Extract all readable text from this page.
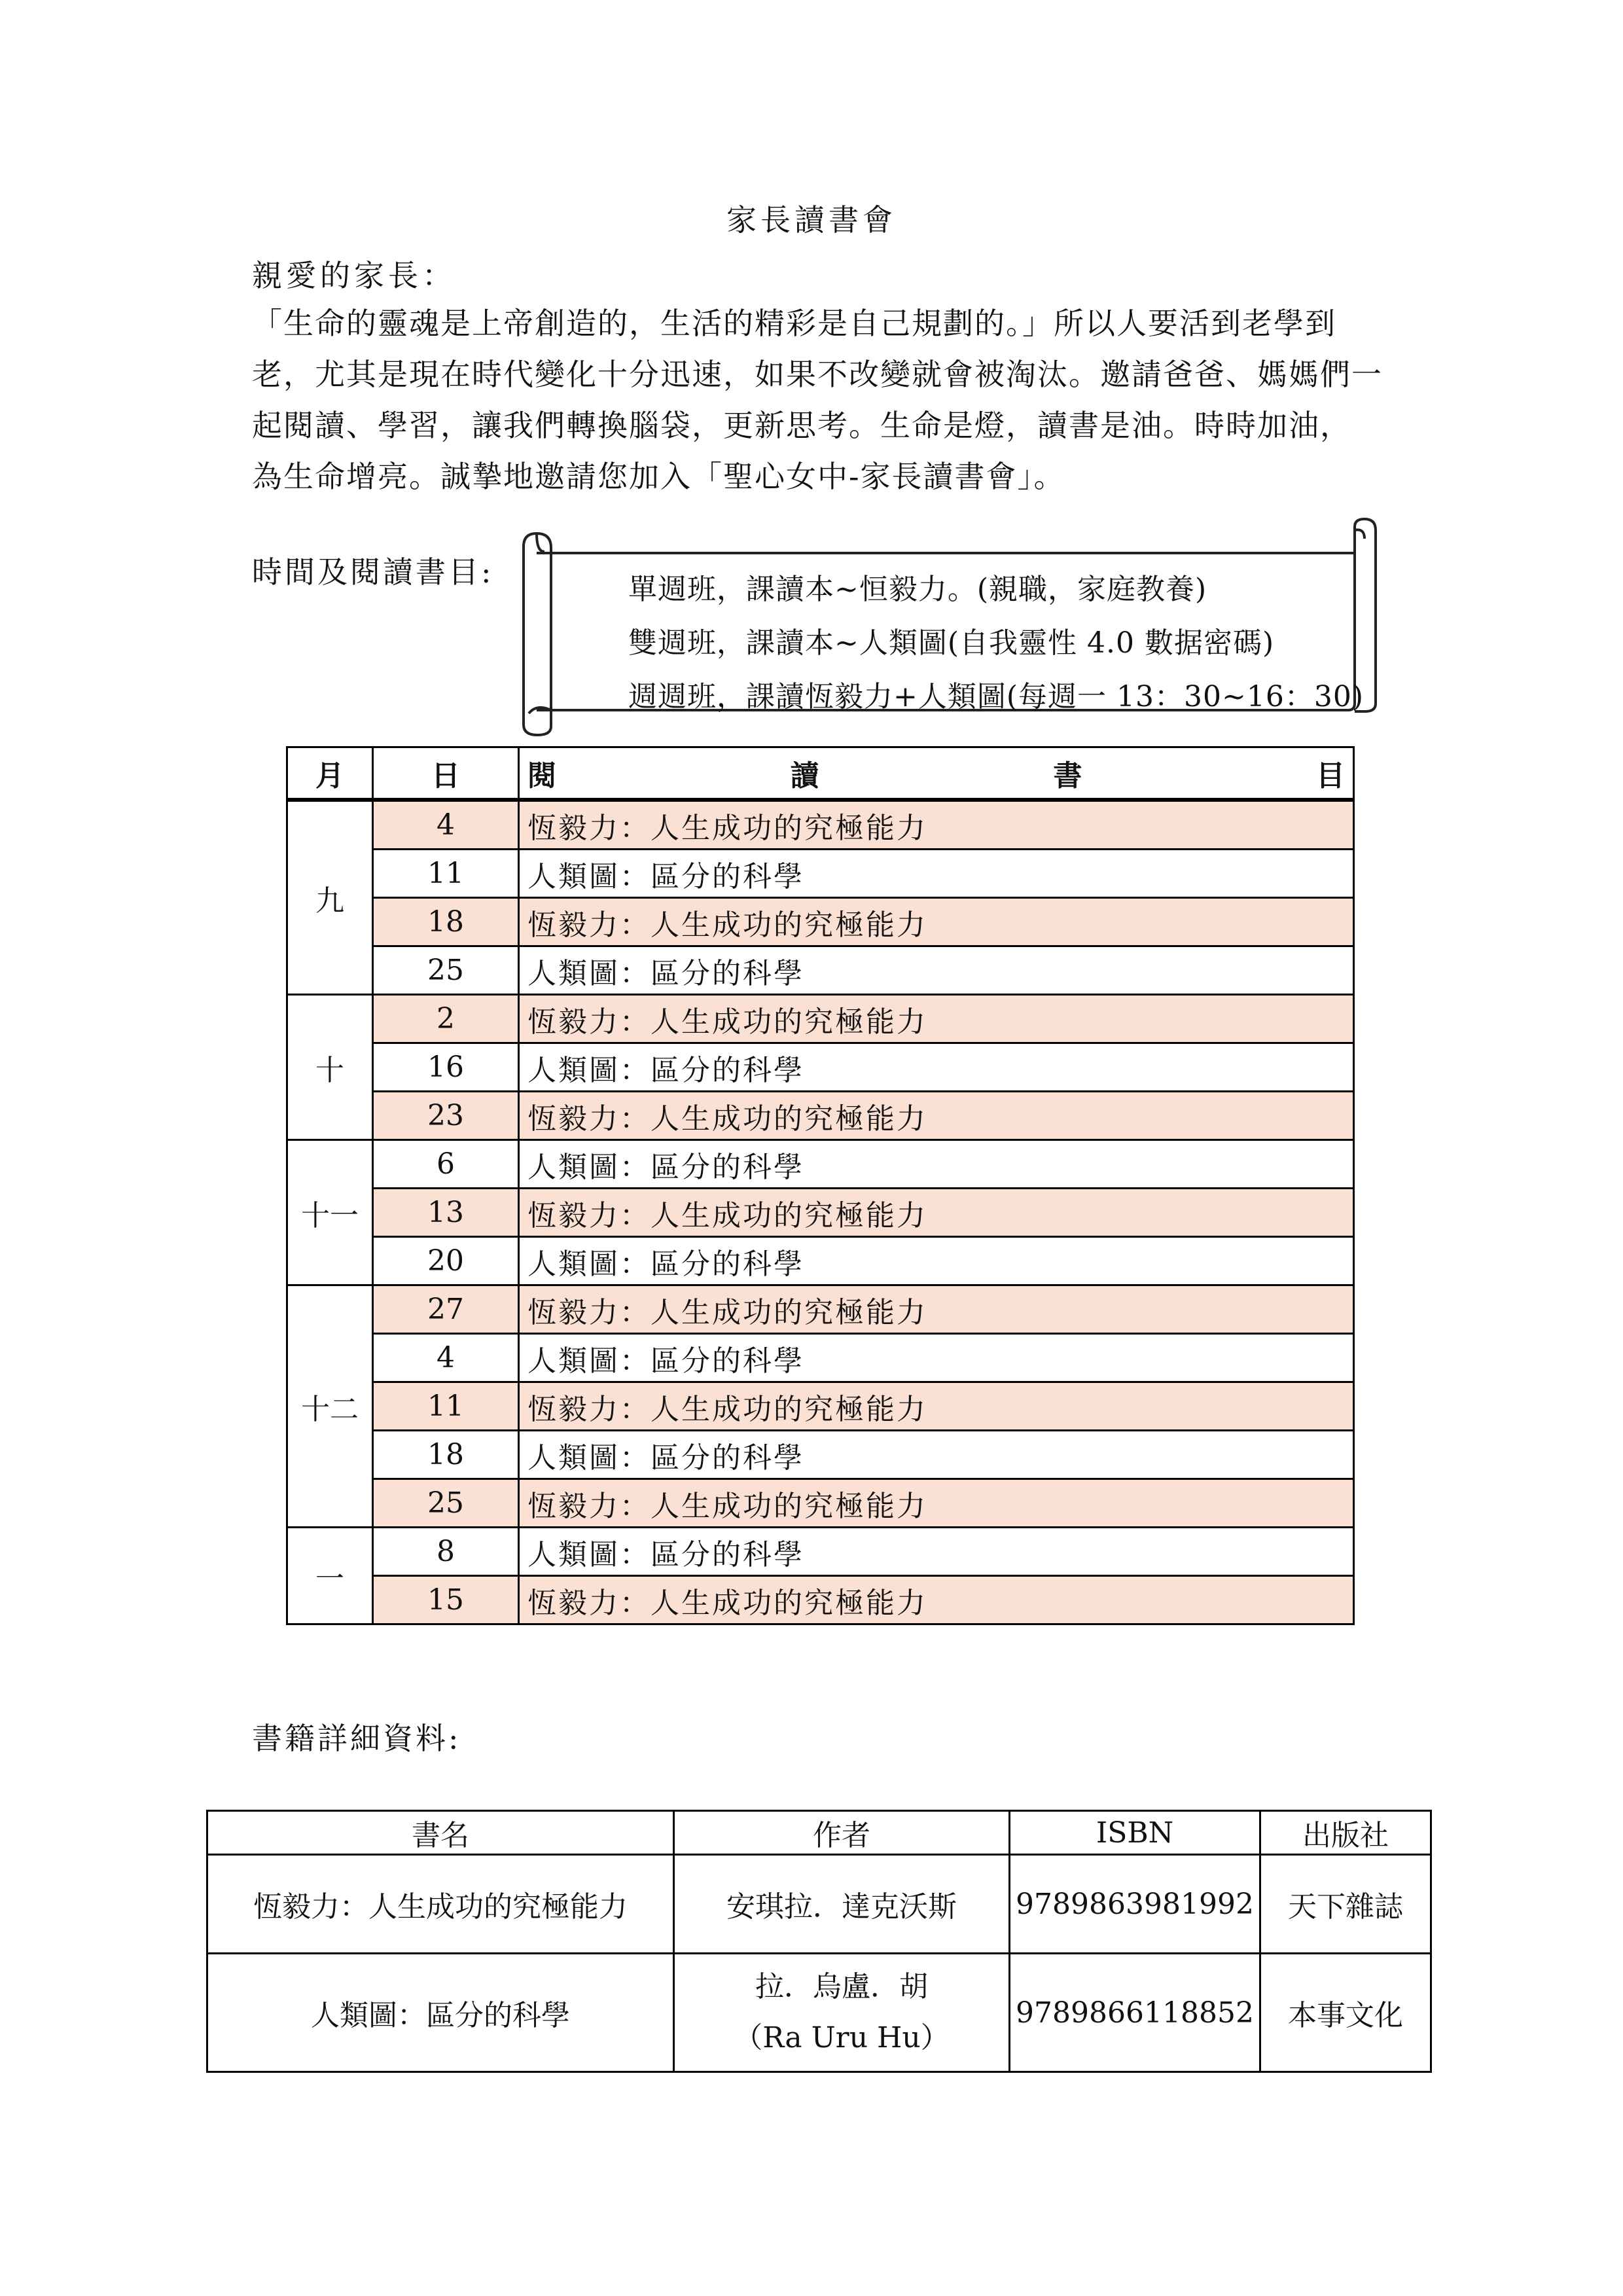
家長讀書會
親愛的家長：
「生命的靈魂是上帝創造的，生活的精彩是自己規劃的。」所以人要活到老學到
老，尤其是現在時代變化十分迅速，如果不改變就會被淘汰。邀請爸爸、媽媽們一
起閱讀、學習，讓我們轉換腦袋，更新思考。生命是燈，讀書是油。時時加油，
為生命增亮。誠摯地邀請您加入「聖心女中-家長讀書會」。
時間及閱讀書目:	單週班，課讀本~恒毅力。(親職，家庭教養)
雙週班，課讀本~人類圖(自我靈性 4.0 數据密碼)
週週班，課讀恆毅力+人類圖(每週一 13：30~16：30)
月	日	閱 讀 書 目

九	4	恆毅力：人生成功的究極能力
	11	人類圖：區分的科學
	18	恆毅力：人生成功的究極能力
	25	人類圖：區分的科學
十	2	恆毅力：人生成功的究極能力
	16	人類圖：區分的科學
	23	恆毅力：人生成功的究極能力
十一	6	人類圖：區分的科學
	13	恆毅力：人生成功的究極能力
	20	人類圖：區分的科學
十二	27	恆毅力：人生成功的究極能力
	4	人類圖：區分的科學
	11	恆毅力：人生成功的究極能力
	18	人類圖：區分的科學
	25	恆毅力：人生成功的究極能力
一	8	人類圖：區分的科學
	15	恆毅力：人生成功的究極能力
書籍詳細資料:
書名	作者	ISBN	出版社
恆毅力：人生成功的究極能力	安琪拉．達克沃斯	9789863981992	天下雜誌
人類圖：區分的科學	拉．烏盧．胡
（Ra Uru Hu）	9789866118852	本事文化
